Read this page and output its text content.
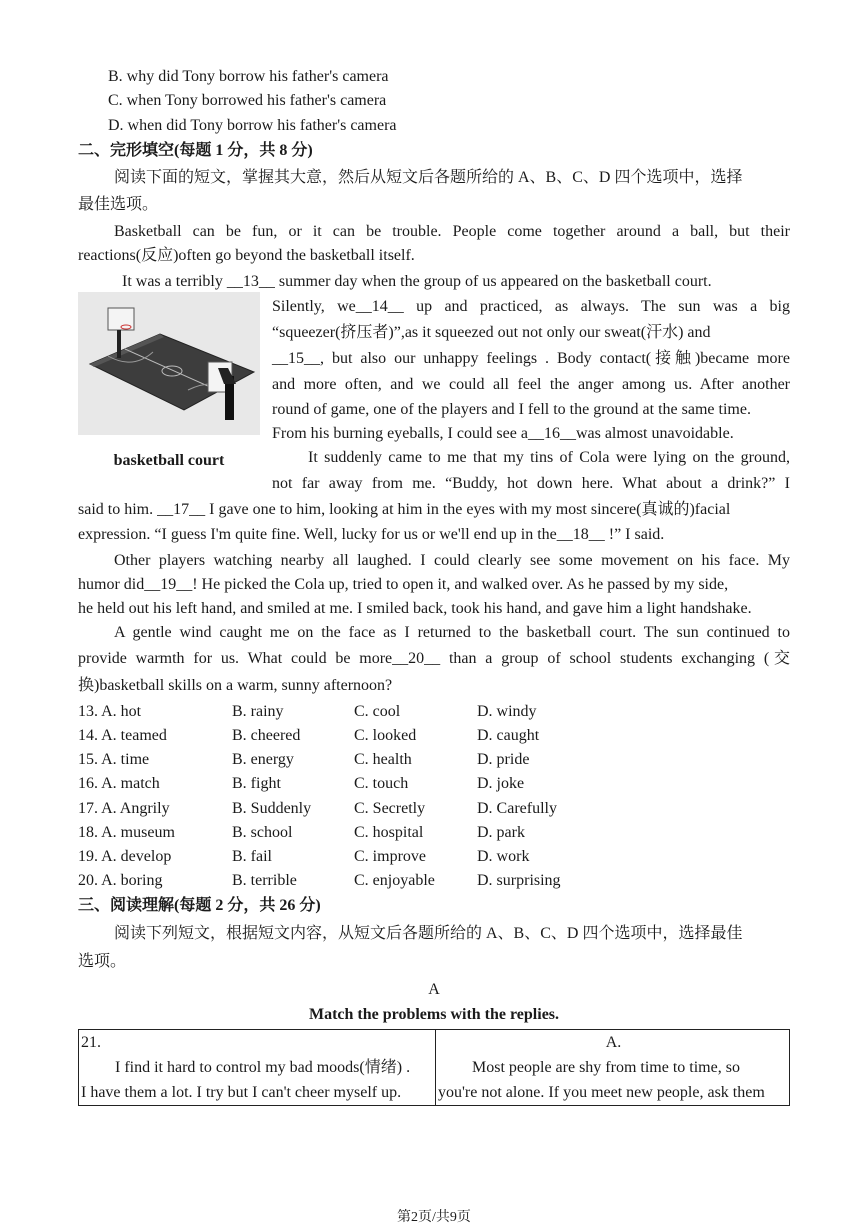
B. why did Tony borrow his father's camera
C. when Tony borrowed his father's camera
D. when did Tony borrow his father's camera
二、完形填空(每题 1 分，共 8 分)
阅读下面的短文，掌握其大意，然后从短文后各题所给的 A、B、C、D 四个选项中，选择
最佳选项。
Basketball can be fun, or it can be trouble. People come together around a ball, but their
reactions(反应)often go beyond the basketball itself.
It was a terribly __13__ summer day when the group of us appeared on the basketball court.
Silently, we__14__ up and practiced, as always. The sun was a big
“squeezer(挤压者)”,as it squeezed out not only our sweat(汗水) and
__15__, but also our unhappy feelings . Body contact(接触)became more
and more often, and we could all feel the anger among us. After another
round of game, one of the players and I fell to the ground at the same time.
From his burning eyeballs, I could see a__16__was almost unavoidable.
It suddenly came to me that my tins of Cola were lying on the ground,
not far away from me. “Buddy, hot down here. What about a drink?” I
said to him. __17__ I gave one to him, looking at him in the eyes with my most sincere(真诚的)facial
expression. “I guess I'm quite fine. Well, lucky for us or we'll end up in the__18__ !” I said.
Other players watching nearby all laughed. I could clearly see some movement on his face. My
humor did__19__! He picked the Cola up, tried to open it, and walked over. As he passed by my side,
he held out his left hand, and smiled at me. I smiled back, took his hand, and gave him a light handshake.
A gentle wind caught me on the face as I returned to the basketball court. The sun continued to
provide warmth for us. What could be more__20__ than a group of school students exchanging (交
换)basketball skills on a warm, sunny afternoon?
basketball court
13. A. hot	B. rainy	C. cool	D. windy
14. A. teamed	B. cheered	C. looked	D. caught
15. A. time	B. energy	C. health	D. pride
16. A. match	B. fight	C. touch	D. joke
17. A. Angrily	B. Suddenly	C. Secretly	D. Carefully
18. A. museum	B. school	C. hospital	D. park
19. A. develop	B. fail	C. improve	D. work
20. A. boring	B. terrible	C. enjoyable	D. surprising
三、阅读理解(每题 2 分，共 26 分)
阅读下列短文，根据短文内容，从短文后各题所给的 A、B、C、D 四个选项中，选择最佳
选项。
A
Match the problems with the replies.
21.
I find it hard to control my bad moods(情绪) .
I have them a lot. I try but I can't cheer myself up.

A.
Most people are shy from time to time, so
you're not alone. If you meet new people, ask them
第2页/共9页
